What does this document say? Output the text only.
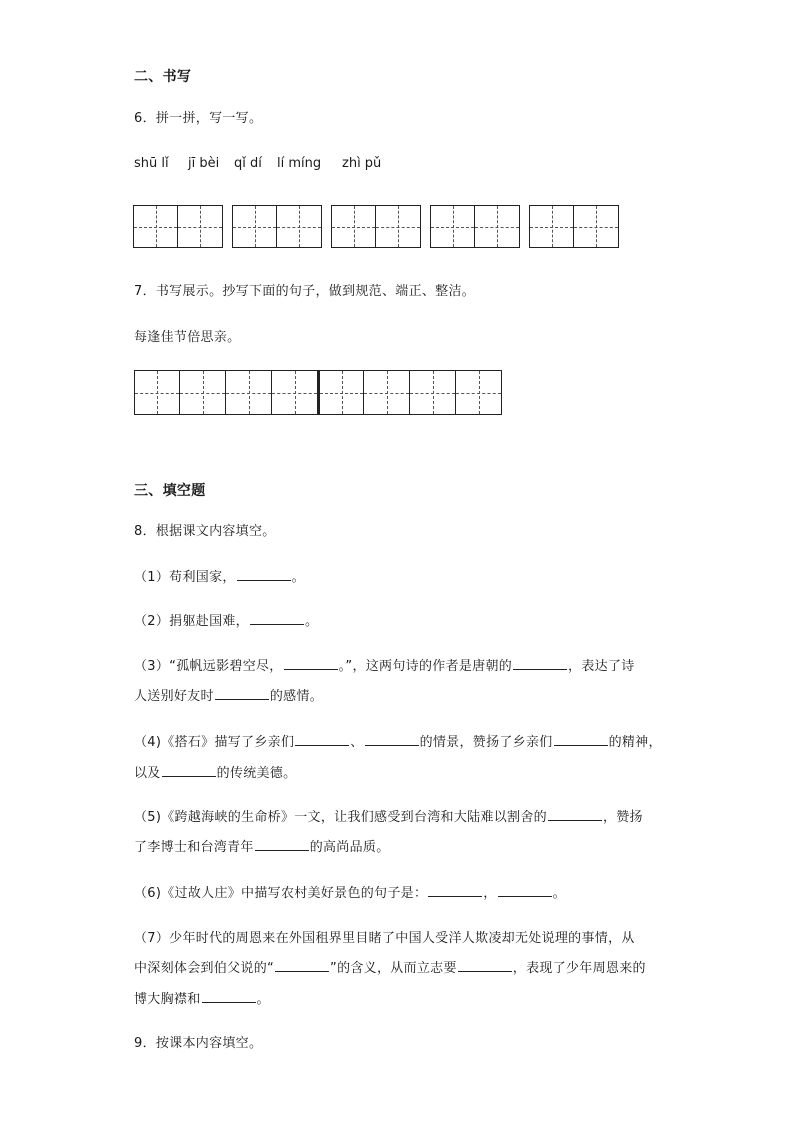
二、书写
6．拼一拼，写一写。
shū lǐ jī bèi qǐ dí lí míng zhì pǔ
7．书写展示。抄写下面的句子，做到规范、端正、整洁。
每逢佳节倍思亲。
三、填空题
8．根据课文内容填空。
（1）苟利国家，	。
（2）捐躯赴国难，	。
（3）“孤帆远影碧空尽，	。”，这两句诗的作者是唐朝的	，表达了诗
人送别好友时	的感情。
（4)《搭石》描写了乡亲们	、	的情景，赞扬了乡亲们	的精神，
以及	的传统美德。
（5)《跨越海峡的生命桥》一文，让我们感受到台湾和大陆难以割舍的	，赞扬
了李博士和台湾青年	的高尚品质。
（6)《过故人庄》中描写农村美好景色的句子是：	，	。
（7）少年时代的周恩来在外国租界里目睹了中国人受洋人欺凌却无处说理的事情，从
中深刻体会到伯父说的“	”的含义，从而立志要	，表现了少年周恩来的
博大胸襟和	。
9．按课本内容填空。
